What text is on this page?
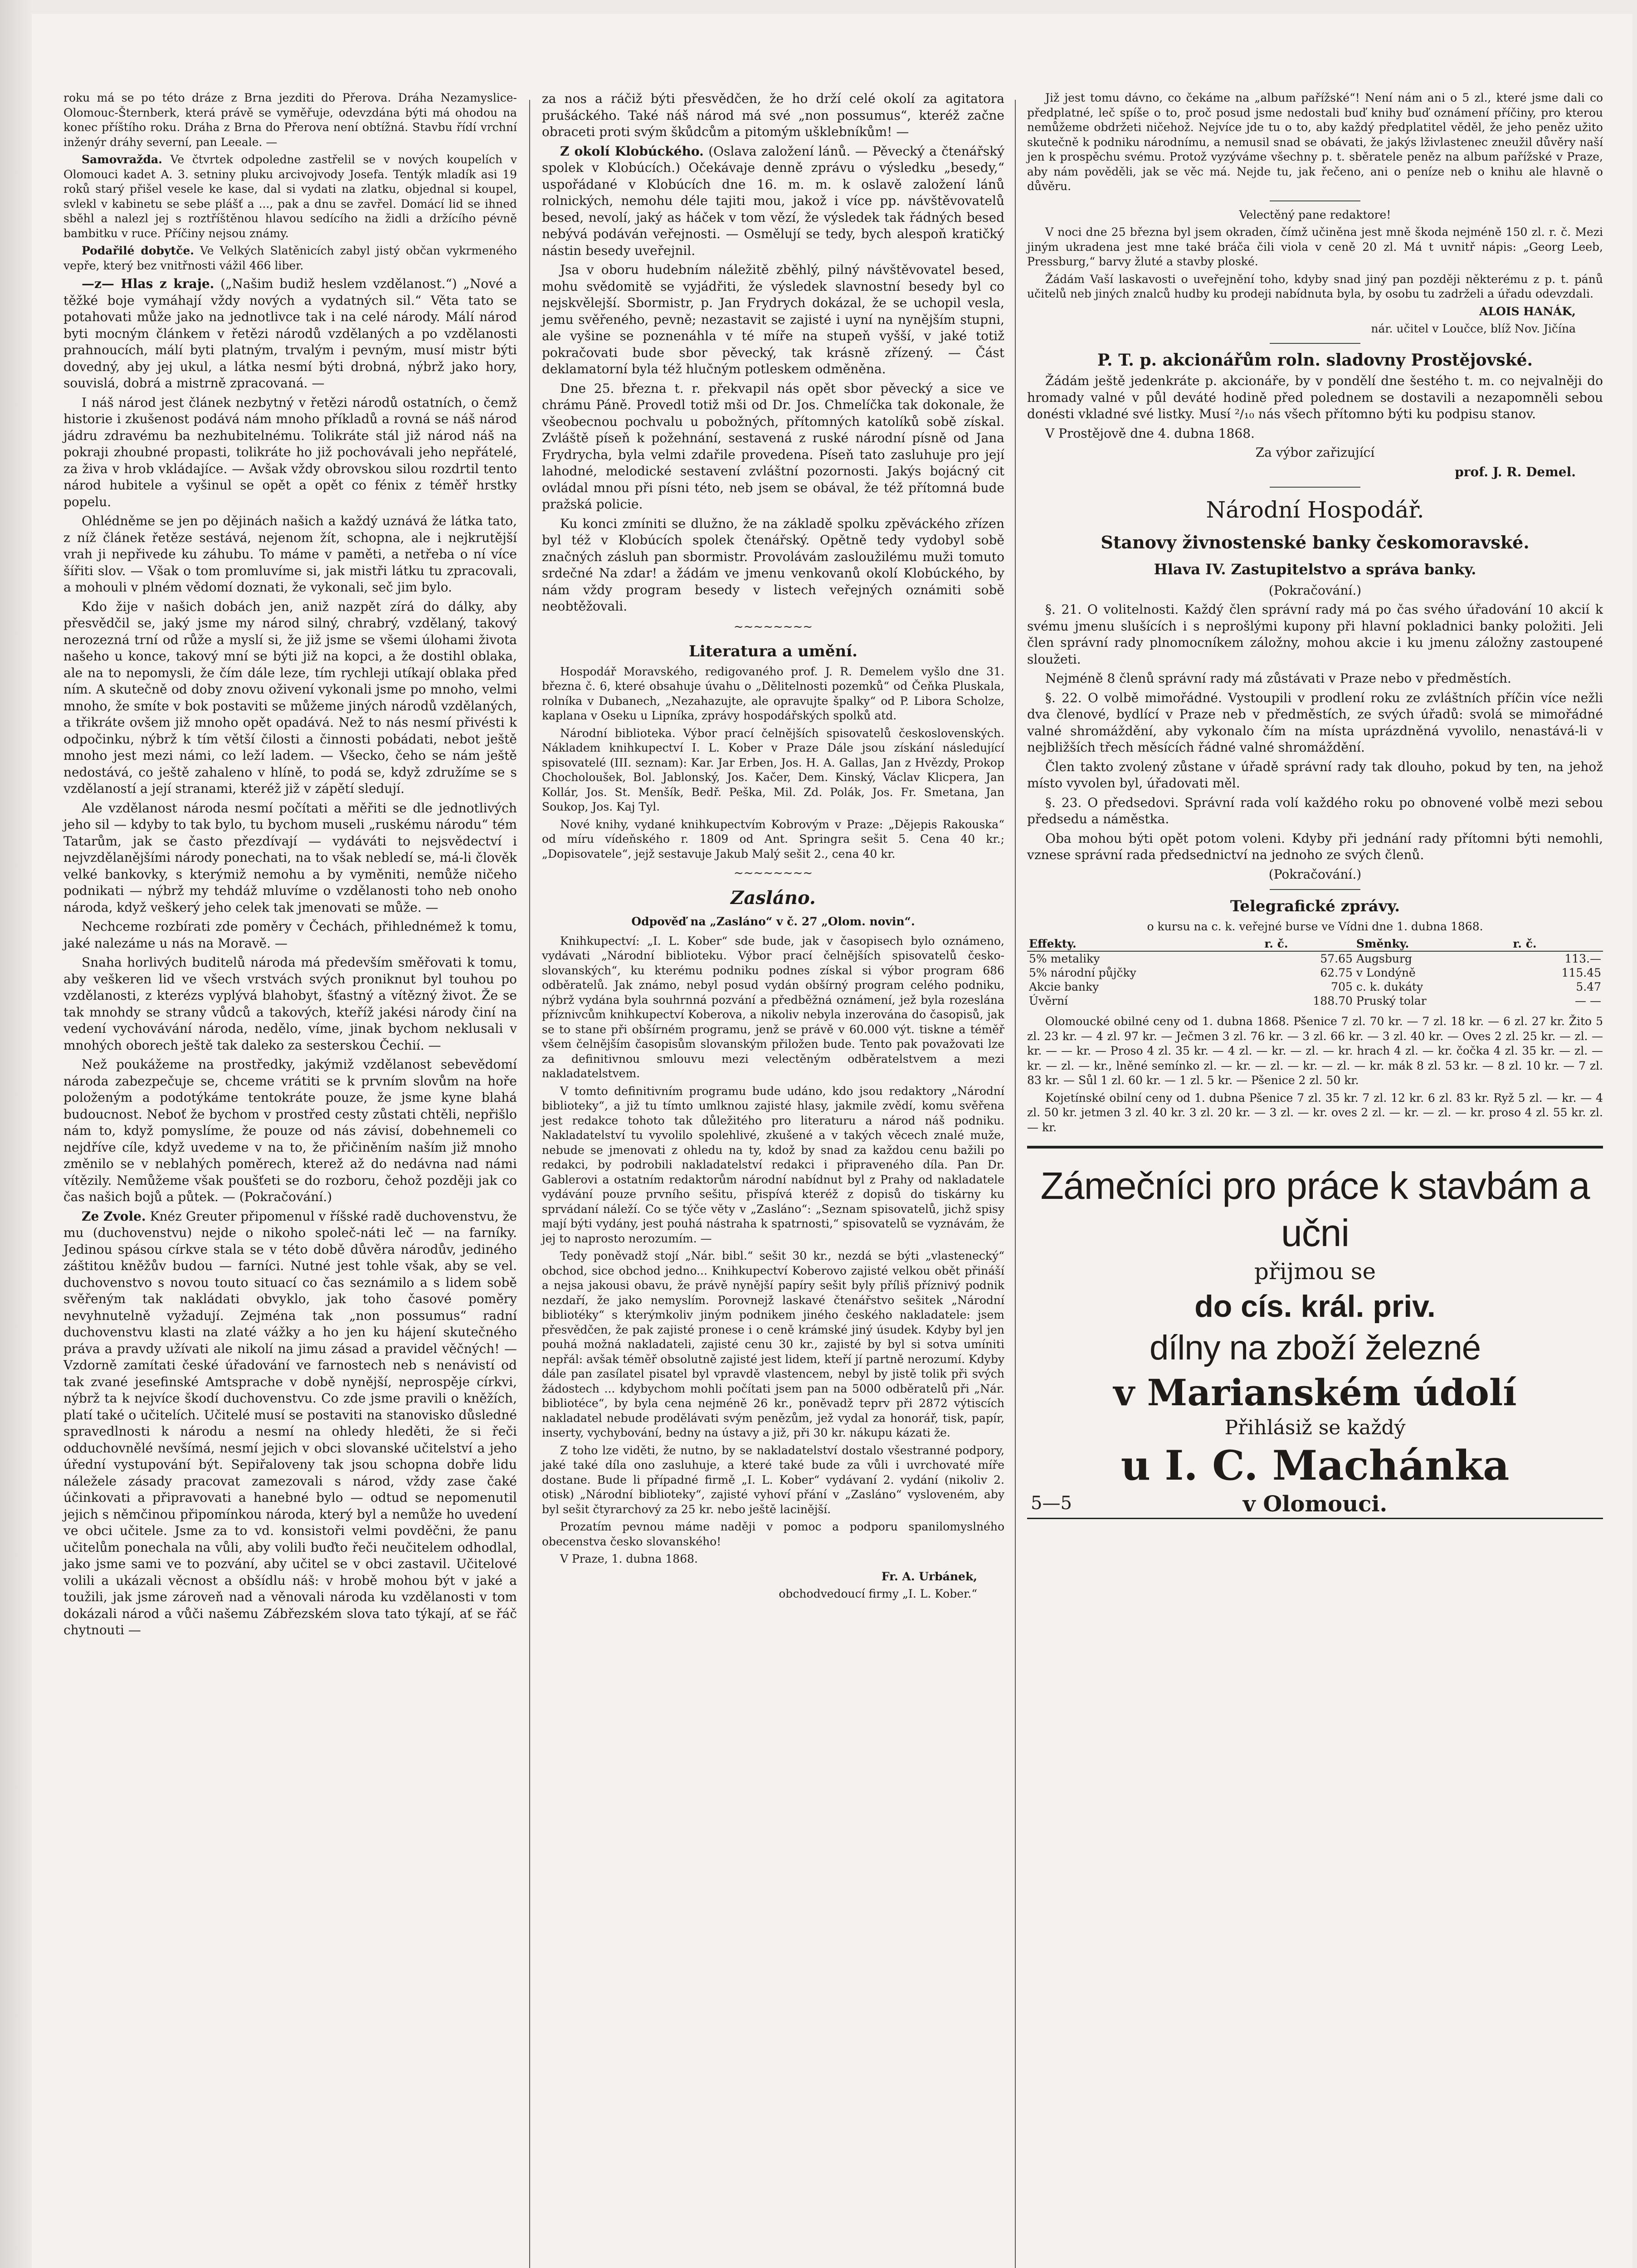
roku má se po této dráze z Brna jezditi do Přerova. Dráha Nezamyslice-Olomouc-Šternberk, která právě se vyměřuje, odevzdána býti má ohodou na konec příštího roku. Dráha z Brna do Přerova není obtížná. Stavbu řídí vrchní inženýr dráhy severní, pan Leeale. —

Samovražda. Ve čtvrtek odpoledne zastřelil se v nových koupelích v Olomouci kadet A. 3. setniny pluku arcivojvody Josefa. Tentýk mladík asi 19 roků starý přišel vesele ke kase, dal si vydati na zlatku, objednal si koupel, svlekl v kabinetu se sebe plášť a ..., pak a dnu se zavřel. Domácí lid se ihned sběhl a nalezl jej s roztříštěnou hlavou sedícího na židli a držícího pévně bambitku v ruce. Příčiny nejsou známy.

Podařilé dobytče. Ve Velkých Slatěnicích zabyl jistý občan vykrmeného vepře, který bez vnitřnosti vážil 466 liber.

—z— Hlas z kraje. („Našim budiž heslem vzdělanost.“) „Nové a těžké boje vymáhají vždy nových a vydatných sil.“ Věta tato se potahovati může jako na jednotlivce tak i na celé národy. Málí národ byti mocným článkem v řetězi národů vzdělaných a po vzdělanosti prahnoucích, málí byti platným, trvalým i pevným, musí mistr býti dovedný, aby jej ukul, a látka nesmí býti drobná, nýbrž jako hory, souvislá, dobrá a mistrně zpracovaná. —

I náš národ jest článek nezbytný v řetězi národů ostatních, o čemž historie i zkušenost podává nám mnoho příkladů a rovná se náš národ jádru zdravému ba nezhubitelnému. Tolikráte stál již národ náš na pokraji zhoubné propasti, tolikráte ho již pochovávali jeho nepřátelé, za živa v hrob vkládajíce. — Avšak vždy obrovskou silou rozdrtil tento národ hubitele a vyšinul se opět a opět co fénix z téměř hrstky popelu.

Ohlédněme se jen po dějinách našich a každý uznává že látka tato, z níž článek řetěze sestává, nejenom žít, schopna, ale i nejkrutější vrah ji nepřivede ku záhubu. To máme v paměti, a netřeba o ní více šířiti slov. — Však o tom promluvíme si, jak mistři látku tu zpracovali, a mohouli v plném vědomí doznati, že vykonali, seč jim bylo.

Kdo žije v našich dobách jen, aniž nazpět zírá do dálky, aby přesvědčil se, jaký jsme my národ silný, chrabrý, vzdělaný, takový nerozezná trní od růže a myslí si, že již jsme se všemi úlohami života našeho u konce, takový mní se býti již na kopci, a že dostihl oblaka, ale na to nepomysli, že čím dále leze, tím rychleji utíkají oblaka před ním. A skutečně od doby znovu oživení vykonali jsme po mnoho, velmi mnoho, že smíte v bok postaviti se můžeme jiných národů vzdělaných, a třikráte ovšem již mnoho opět opadává. Než to nás nesmí přivésti k odpočinku, nýbrž k tím větší čilosti a činnosti pobádati, nebot ještě mnoho jest mezi námi, co leží ladem. — Všecko, čeho se nám ještě nedostává, co ještě zahaleno v hlíně, to podá se, když združíme se s vzdělaností a její stranami, kteréž již v zápětí sledují.

Ale vzdělanost národa nesmí počítati a měřiti se dle jednotlivých jeho sil — kdyby to tak bylo, tu bychom museli „ruskému národu“ tém Tatarům, jak se často přezdívají — vydáváti to nejsvědectví i nejvzdělanějšími národy ponechati, na to však nebledí se, má-li člověk velké bankovky, s kterýmiž nemohu a by vyměniti, nemůže ničeho podnikati — nýbrž my tehdáž mluvíme o vzdělanosti toho neb onoho národa, když veškerý jeho celek tak jmenovati se může. —

Nechceme rozbírati zde poměry v Čechách, přihlednémež k tomu, jaké nalezáme u nás na Moravě. —

Snaha horlivých buditelů národa má především směřovati k tomu, aby veškeren lid ve všech vrstvách svých proniknut byl touhou po vzdělanosti, z kterézs vyplývá blahobyt, šťastný a vítězný život. Že se tak mnohdy se strany vůdců a takových, kteříž jakési národy činí na vedení vychovávání národa, nedělo, víme, jinak bychom neklusali v mnohých oborech ještě tak daleko za sesterskou Čechií. —

Než poukážeme na prostředky, jakýmiž vzdělanost sebevědomí národa zabezpečuje se, chceme vrátiti se k prvním slovům na hoře položeným a podotýkáme tentokráte pouze, že jsme kyne blahá budoucnost. Neboť že bychom v prostřed cesty zůstati chtěli, nepřišlo nám to, když pomyslíme, že pouze od nás závisí, dobehnemeli co nejdříve cíle, když uvedeme v na to, že přičiněním naším již mnoho změnilo se v neblahých poměrech, kterež až do nedávna nad námi vítězily. Nemůžeme však poušťeti se do rozboru, čehož později jak co čas našich bojů a půtek. — (Pokračování.)

Ze Zvole. Knéz Greuter připomenul v říšské radě duchovenstvu, že mu (duchovenstvu) nejde o nikoho společ-náti leč — na farníky. Jedinou spásou církve stala se v této době důvěra národův, jediného záštitou kněžův budou — farníci. Nutné jest tohle však, aby se vel. duchovenstvo s novou touto situací co čas seznámilo a s lidem sobě svěřeným tak nakládati obvyklo, jak toho časové poměry nevyhnutelně vyžadují. Zejména tak „non possumus“ radní duchovenstvu klasti na zlaté vážky a ho jen ku hájení skutečného práva a pravdy užívati ale nikolí na jimu zásad a pravidel věčných! — Vzdorně zamítati české úřadování ve farnostech neb s nenávistí od tak zvané jesefinské Amtsprache v době nynější, neprospěje církvi, nýbrž ta k nejvíce škodí duchovenstvu. Co zde jsme pravili o kněžích, platí také o učitelích. Učitelé musí se postaviti na stanovisko důsledné spravedlnosti k národu a nesmí na ohledy hleděti, že si řeči odduchovnělé nevšímá, nesmí jejich v obci slovanské učitelství a jeho úřední vystupování být. Sepiřaloveny tak jsou schopna dobře lidu náležele zásady pracovat zamezovali s národ, vždy zase čaké účinkovati a připravovati a hanebné bylo — odtud se nepomenutil jejich s němčinou připomínkou národa, který byl a nemůže ho uvedení ve obci učitele. Jsme za to vd. konsistoři velmi povděčni, že panu učitelům ponechala na vůli, aby volili buďto řeči neučitelem odhodlal, jako jsme sami ve to pozvání, aby učitel se v obci zastavil. Učitelové volili a ukázali věcnost a obšídlu náš: v hrobě mohou být v jaké a toužili, jak jsme zároveň nad a věnovali národa ku vzdělanosti v tom dokázali národ a vůči našemu Zábřezském slova tato týkají, ať se řáč chytnouti —

za nos a ráčiž býti přesvědčen, že ho drží celé okolí za agitatora prušáckého. Také náš národ má své „non possumus“, kteréž začne obraceti proti svým škůdcům a pitomým ušklebníkům! —

Z okolí Klobúckého. (Oslava založení lánů. — Pěvecký a čtenářský spolek v Klobúcích.) Očekávaje denně zprávu o výsledku „besedy,“ uspořádané v Klobúcích dne 16. m. m. k oslavě založení lánů rolnických, nemohu déle tajiti mou, jakož i více pp. návštěvovatelů besed, nevolí, jaký as háček v tom vězí, že výsledek tak řádných besed nebývá podáván veřejnosti. — Osmělují se tedy, bych alespoň kratičký nástin besedy uveřejnil.

Jsa v oboru hudebním náležitě zběhlý, pilný návštěvovatel besed, mohu svědomitě se vyjádřiti, že výsledek slavnostní besedy byl co nejskvělejší. Sbormistr, p. Jan Frydrych dokázal, že se uchopil vesla, jemu svěřeného, pevně; nezastavit se zajisté i uyní na nynějším stupni, ale vyšine se poznenáhla v té míře na stupeň vyšší, v jaké totiž pokračovati bude sbor pěvecký, tak krásně zřízený. — Část deklamatorní byla též hlučným potleskem odměněna.

Dne 25. března t. r. překvapil nás opět sbor pěvecký a sice ve chrámu Páně. Provedl totiž mši od Dr. Jos. Chmelíčka tak dokonale, že všeobecnou pochvalu u pobožných, přítomných katolíků sobě získal. Zvláště píseň k požehnání, sestavená z ruské národní písně od Jana Frydrycha, byla velmi zdařile provedena. Píseň tato zasluhuje pro její lahodné, melodické sestavení zvláštní pozornosti. Jakýs bojácný cit ovládal mnou při písni této, neb jsem se obával, že též přítomná bude pražská policie.

Ku konci zmíniti se dlužno, že na základě spolku zpěváckého zřízen byl též v Klobúcích spolek čtenářský. Opětně tedy vydobyl sobě značných zásluh pan sbormistr. Provolávám zasloužilému muži tomuto srdečné Na zdar! a žádám ve jmenu venkovanů okolí Klobúckého, by nám vždy program besedy v listech veřejných oznámiti sobě neobtěžovali.

~~~~~~~~
Literatura a umění.

Hospodář Moravského, redigovaného prof. J. R. Demelem vyšlo dne 31. března č. 6, které obsahuje úvahu o „Dělitelnosti pozemků“ od Čeňka Pluskala, rolníka v Dubanech, „Nezahazujte, ale opravujte špalky“ od P. Libora Scholze, kaplana v Oseku u Lipníka, zprávy hospodářských spolků atd.

Národní biblioteka. Výbor prací čelnějších spisovatelů československých. Nákladem knihkupectví I. L. Kober v Praze Dále jsou získání následující spisovatelé (III. seznam): Kar. Jar Erben, Jos. H. A. Gallas, Jan z Hvězdy, Prokop Chocholoušek, Bol. Jablonský, Jos. Kačer, Dem. Kinský, Václav Klicpera, Jan Kollár, Jos. St. Menšík, Bedř. Peška, Mil. Zd. Polák, Jos. Fr. Smetana, Jan Soukop, Jos. Kaj Tyl.

Nové knihy, vydané knihkupectvím Kobrovým v Praze: „Dějepis Rakouska“ od míru vídeňského r. 1809 od Ant. Springra sešit 5. Cena 40 kr.; „Dopisovatele“, jejž sestavuje Jakub Malý sešit 2., cena 40 kr.

~~~~~~~~
Zasláno.
Odpověď na „Zasláno“ v č. 27 „Olom. novin“.

Knihkupectví: „I. L. Kober“ sde bude, jak v časopisech bylo oznámeno, vydávati „Národní biblioteku. Výbor prací čelnějších spisovatelů česko-slovanských“, ku kterému podniku podnes získal si výbor program 686 odběratelů. Jak známo, nebyl posud vydán obšírný program celého podniku, nýbrž vydána byla souhrnná pozvání a předběžná oznámení, jež byla rozeslána příznivcům knihkupectví Koberova, a nikoliv nebyla inzerována do časopisů, jak se to stane při obšírném programu, jenž se právě v 60.000 výt. tiskne a téměř všem čelnějším časopisům slovanským přiložen bude. Tento pak považovati lze za definitivnou smlouvu mezi velectěným odběratelstvem a mezi nakladatelstvem.

V tomto definitivním programu bude udáno, kdo jsou redaktory „Národní biblioteky“, a již tu tímto umlknou zajisté hlasy, jakmile zvědí, komu svěřena jest redakce tohoto tak důležitého pro literaturu a národ náš podniku. Nakladatelství tu vyvolilo spolehlivé, zkušené a v takých věcech znalé muže, nebude se jmenovati z ohledu na ty, kdož by snad za každou cenu bažili po redakci, by podrobili nakladatelství redakci i připraveného díla. Pan Dr. Gablerovi a ostatním redaktorům národní nabídnut byl z Prahy od nakladatele vydávání pouze prvního sešitu, přispívá kteréž z dopisů do tiskárny ku sprvádaní náleží. Co se týče věty v „Zasláno“: „Seznam spisovatelů, jichž spisy mají býti vydány, jest pouhá nástraha k spatrnosti,“ spisovatelů se vyznávám, že jej to naprosto nerozumím. —

Tedy poněvadž stojí „Nár. bibl.“ sešit 30 kr., nezdá se býti „vlastenecký“ obchod, sice obchod jedno... Knihkupectví Koberovo zajisté velkou obět přináší a nejsa jakousi obavu, že právě nynější papíry sešit byly příliš příznivý podnik nezdaří, že jako nemyslím. Porovnejž laskavé čtenářstvo sešitek „Národní bibliotéky“ s kterýmkoliv jiným podnikem jiného českého nakladatele: jsem přesvědčen, že pak zajisté pronese i o ceně krámské jiný úsudek. Kdyby byl jen pouhá možná nakladateli, zajisté cenu 30 kr., zajisté by byl si sotva umíniti nepřál: avšak téměř obsolutně zajisté jest lidem, kteří jí partně nerozumí. Kdyby dále pan zasílatel pisatel byl vpravdě vlastencem, nebyl by jistě tolik při svých žádostech ... kdybychom mohli počítati jsem pan na 5000 odběratelů při „Nár. bibliotéce“, by byla cena nejméně 26 kr., poněvadž teprv při 2872 výtiscích nakladatel nebude prodělávati svým penězům, jež vydal za honorář, tisk, papír, inserty, vychybování, bedny na ústavy a již, při 30 kr. nákupu kázati že.

Z toho lze viděti, že nutno, by se nakladatelství dostalo všestranné podpory, jaké také díla ono zasluhuje, a které také bude za vůli i uvrchovaté míře dostane. Bude li případné firmě „I. L. Kober“ vydávaní 2. vydání (nikoliv 2. otisk) „Národní biblioteky“, zajisté vyhoví přání v „Zasláno“ vysloveném, aby byl sešit čtyrarchový za 25 kr. nebo ještě lacinější.

Prozatím pevnou máme naději v pomoc a podporu spanilomyslného obecenstva česko slovanského!

V Praze, 1. dubna 1868.

Fr. A. Urbánek,

obchodvedoucí firmy „I. L. Kober.“

Již jest tomu dávno, co čekáme na „album pařížské“! Není nám ani o 5 zl., které jsme dali co předplatné, leč spíše o to, proč posud jsme nedostali buď knihy buď oznámení příčiny, pro kterou nemůžeme obdržeti ničehož. Nejvíce jde tu o to, aby každý předplatitel věděl, že jeho peněz užito skutečně k podniku národnímu, a nemusil snad se obávati, že jakýs lživlastenec zneužil důvěry naší jen k prospěchu svému. Protož vyzýváme všechny p. t. sběratele peněz na album pařížské v Praze, aby nám pověděli, jak se věc má. Nejde tu, jak řečeno, ani o peníze neb o knihu ale hlavně o důvěru.

Velectěný pane redaktore!

V noci dne 25 března byl jsem okraden, čímž učiněna jest mně škoda nejméně 150 zl. r. č. Mezi jiným ukradena jest mne také bráča čili viola v ceně 20 zl. Má t uvnitř nápis: „Georg Leeb, Pressburg,“ barvy žluté a stavby ploské.

Žádám Vaší laskavosti o uveřejnění toho, kdyby snad jiný pan později některému z p. t. pánů učitelů neb jiných znalců hudby ku prodeji nabídnuta byla, by osobu tu zadrželi a úřadu odevzdali.

ALOIS HANÁK,

nár. učitel v Loučce, blíž Nov. Jičína

P. T. p. akcionářům roln. sladovny Prostějovské.

Žádám ještě jedenkráte p. akcionáře, by v pondělí dne šestého t. m. co nejvalněji do hromady valné v půl deváté hodině před polednem se dostavili a nezapomněli sebou donésti vkladné své listky. Musí ²/₁₀ nás všech přítomno býti ku podpisu stanov.

V Prostějově dne 4. dubna 1868.

Za výbor zařizující

prof. J. R. Demel.

Národní Hospodář.
Stanovy živnostenské banky českomoravské.
Hlava IV. Zastupitelstvo a správa banky.

(Pokračování.)

§. 21. O volitelnosti. Každý člen správní rady má po čas svého úřadování 10 akcií k svému jmenu slušících i s neprošlými kupony při hlavní pokladnici banky položiti. Jeli člen správní rady plnomocníkem záložny, mohou akcie i ku jmenu záložny zastoupené sloužeti.

Nejméně 8 členů správní rady má zůstávati v Praze nebo v předměstích.

§. 22. O volbě mimořádné. Vystoupili v prodlení roku ze zvláštních příčin více nežli dva členové, bydlící v Praze neb v předměstích, ze svých úřadů: svolá se mimořádné valné shromáždění, aby vykonalo čím na místa uprázdněná vyvolilo, nenastává-li v nejbližších třech měsících řádné valné shromáždění.

Člen takto zvolený zůstane v úřadě správní rady tak dlouho, pokud by ten, na jehož místo vyvolen byl, úřadovati měl.

§. 23. O předsedovi. Správní rada volí každého roku po obnovené volbě mezi sebou předsedu a náměstka.

Oba mohou býti opět potom voleni. Kdyby při jednání rady přítomni býti nemohli, vznese správní rada předsednictví na jednoho ze svých členů.

(Pokračování.)

Telegrafické zprávy.

o kursu na c. k. veřejné burse ve Vídni dne 1. dubna 1868.

Effekty.	r. č.	Směnky.	r. č.
5% metaliky	57.65	Augsburg	113.—
5% národní půjčky	62.75	v Londýně	115.45
Akcie banky	705	c. k. dukáty	5.47
Úvěrní	188.70	Pruský tolar	— —

Olomoucké obilné ceny od 1. dubna 1868. Pšenice 7 zl. 70 kr. — 7 zl. 18 kr. — 6 zl. 27 kr. Žito 5 zl. 23 kr. — 4 zl. 97 kr. — Ječmen 3 zl. 76 kr. — 3 zl. 66 kr. — 3 zl. 40 kr. — Oves 2 zl. 25 kr. — zl. — kr. — — kr. — Proso 4 zl. 35 kr. — 4 zl. — kr. — zl. — kr. hrach 4 zl. — kr. čočka 4 zl. 35 kr. — zl. — kr. — zl. — kr., lněné semínko zl. — kr. — zl. — kr. — zl. — kr. mák 8 zl. 53 kr. — 8 zl. 10 kr. — 7 zl. 83 kr. — Sůl 1 zl. 60 kr. — 1 zl. 5 kr. — Pšenice 2 zl. 50 kr.

Kojetínské obilní ceny od 1. dubna Pšenice 7 zl. 35 kr. 7 zl. 12 kr. 6 zl. 83 kr. Ryž 5 zl. — kr. — 4 zl. 50 kr. jetmen 3 zl. 40 kr. 3 zl. 20 kr. — 3 zl. — kr. oves 2 zl. — kr. — zl. — kr. proso 4 zl. 55 kr. zl. — kr.

Zámečníci pro práce k stavbám a učni
přijmou se
do cís. král. priv.
dílny na zboží železné
v Marianském údolí
Přihlásiž se každý
u I. C. Machánka
v Olomouci.
5—5
